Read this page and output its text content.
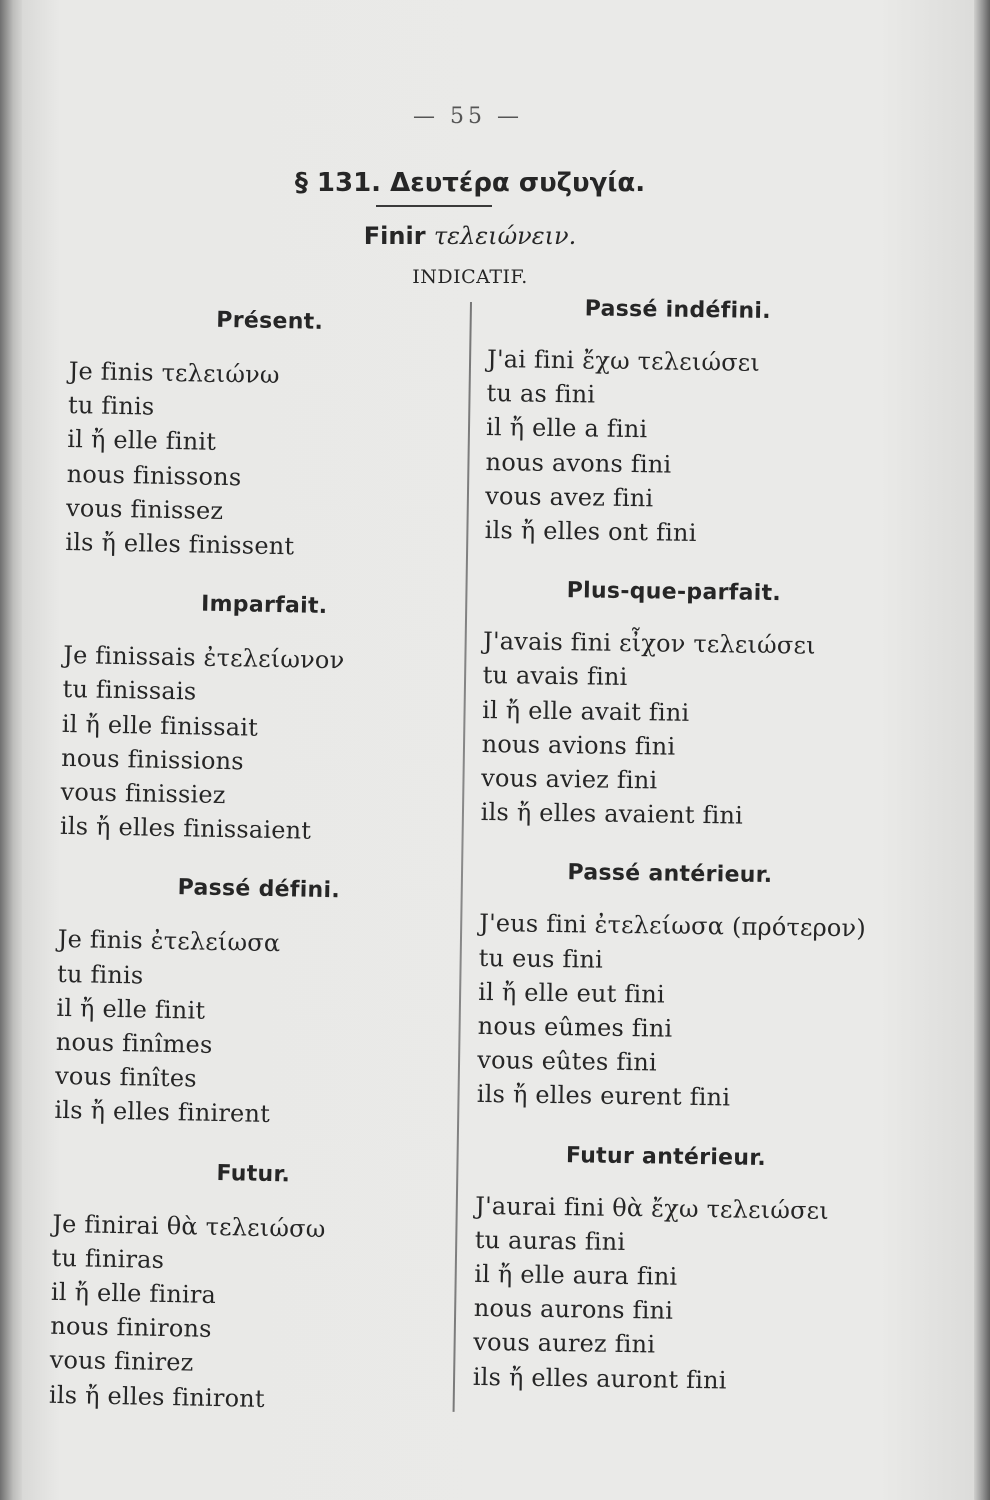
— 55 —
§ 131. Δευτέρα συζυγία.
Finir τελειώνειν.
INDICATIF.
Présent.
Je finis τελειώνω
tu finis
il ἤ elle finit
nous finissons
vous finissez
ils ἤ elles finissent
Imparfait.
Je finissais ἐτελείωνον
tu finissais
il ἤ elle finissait
nous finissions
vous finissiez
ils ἤ elles finissaient
Passé défini.
Je finis ἐτελείωσα
tu finis
il ἤ elle finit
nous finîmes
vous finîtes
ils ἤ elles finirent
Futur.
Je finirai θὰ τελειώσω
tu finiras
il ἤ elle finira
nous finirons
vous finirez
ils ἤ elles finiront
Passé indéfini.
J'ai fini ἔχω τελειώσει
tu as fini
il ἤ elle a fini
nous avons fini
vous avez fini
ils ἤ elles ont fini
Plus-que-parfait.
J'avais fini εἶχον τελειώσει
tu avais fini
il ἤ elle avait fini
nous avions fini
vous aviez fini
ils ἤ elles avaient fini
Passé antérieur.
J'eus fini ἐτελείωσα (πρότερον)
tu eus fini
il ἤ elle eut fini
nous eûmes fini
vous eûtes fini
ils ἤ elles eurent fini
Futur antérieur.
J'aurai fini θὰ ἔχω τελειώσει
tu auras fini
il ἤ elle aura fini
nous aurons fini
vous aurez fini
ils ἤ elles auront fini
